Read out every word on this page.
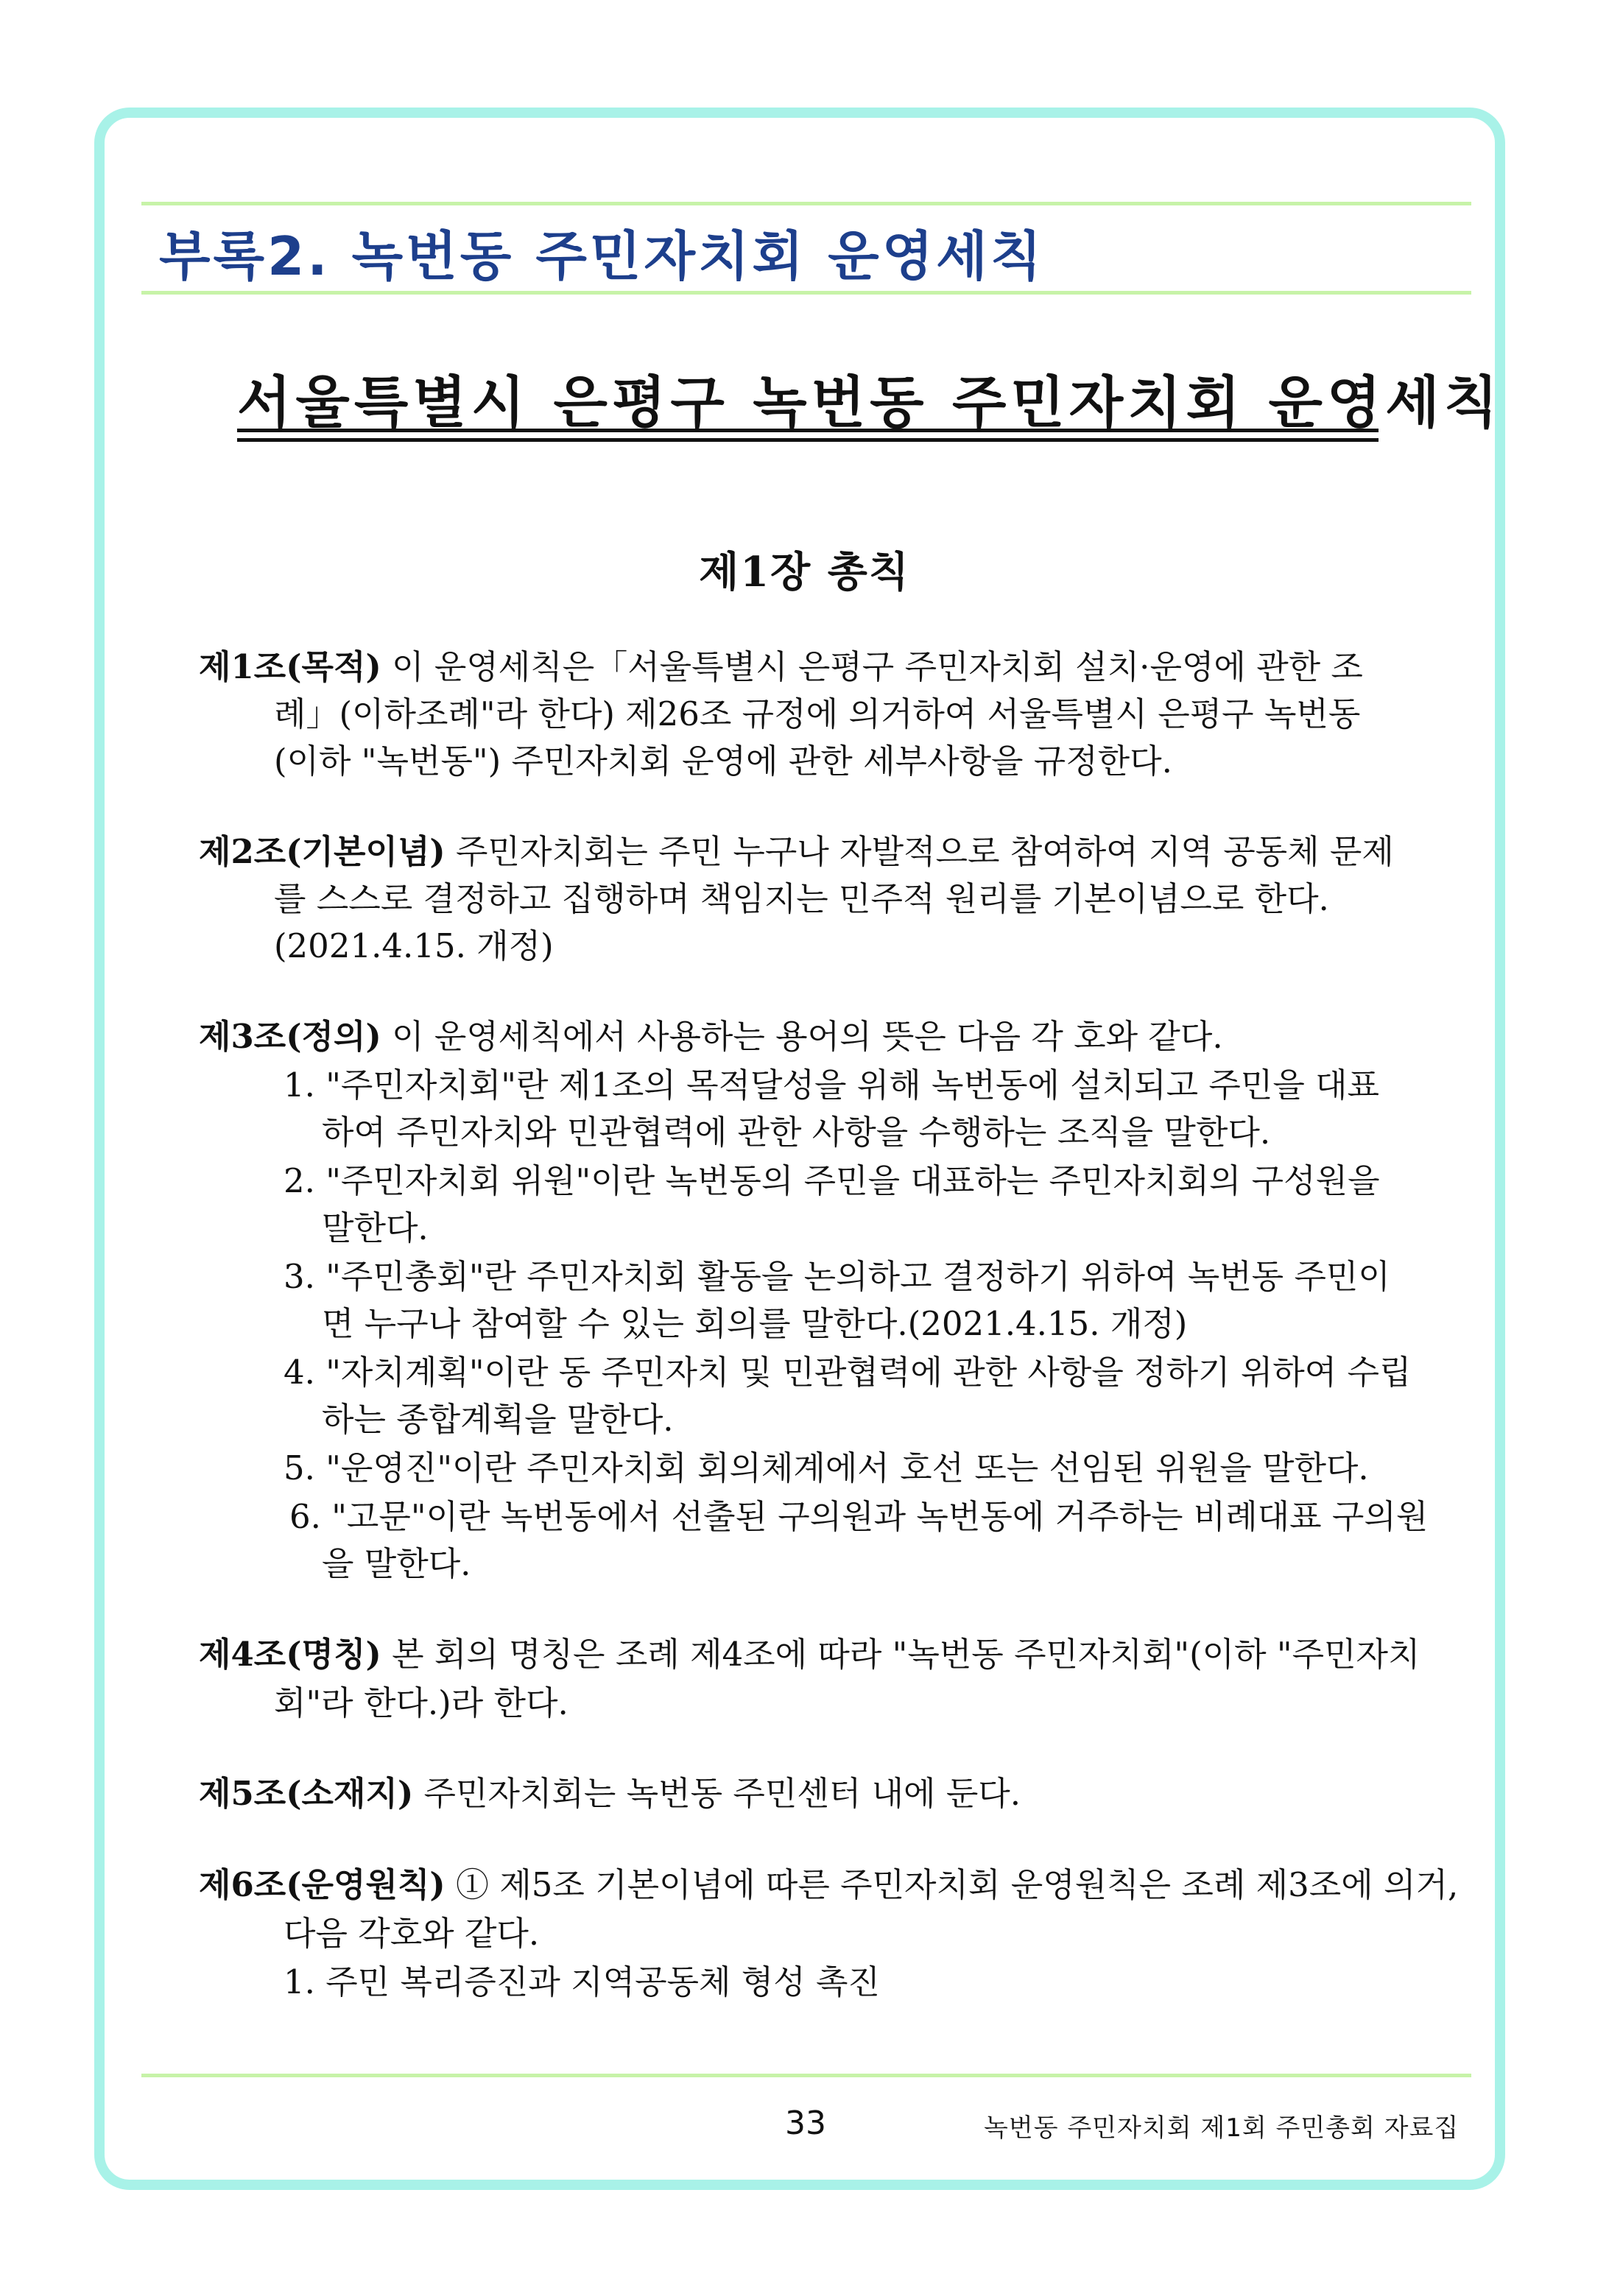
부록2. 녹번동 주민자치회 운영세칙
서울특별시 은평구 녹번동 주민자치회 운영세칙
제1장 총칙
제1조(목적) 이 운영세칙은「서울특별시 은평구 주민자치회 설치·운영에 관한 조
례」(이하조례"라 한다) 제26조 규정에 의거하여 서울특별시 은평구 녹번동
(이하 "녹번동") 주민자치회 운영에 관한 세부사항을 규정한다.
제2조(기본이념) 주민자치회는 주민 누구나 자발적으로 참여하여 지역 공동체 문제
를 스스로 결정하고 집행하며 책임지는 민주적 원리를 기본이념으로 한다.
(2021.4.15. 개정)
제3조(정의) 이 운영세칙에서 사용하는 용어의 뜻은 다음 각 호와 같다.
1. "주민자치회"란 제1조의 목적달성을 위해 녹번동에 설치되고 주민을 대표
하여 주민자치와 민관협력에 관한 사항을 수행하는 조직을 말한다.
2. "주민자치회 위원"이란 녹번동의 주민을 대표하는 주민자치회의 구성원을
말한다.
3. "주민총회"란 주민자치회 활동을 논의하고 결정하기 위하여 녹번동 주민이
면 누구나 참여할 수 있는 회의를 말한다.(2021.4.15. 개정)
4. "자치계획"이란 동 주민자치 및 민관협력에 관한 사항을 정하기 위하여 수립
하는 종합계획을 말한다.
5. "운영진"이란 주민자치회 회의체계에서 호선 또는 선임된 위원을 말한다.
6. "고문"이란 녹번동에서 선출된 구의원과 녹번동에 거주하는 비례대표 구의원
을 말한다.
제4조(명칭) 본 회의 명칭은 조례 제4조에 따라 "녹번동 주민자치회"(이하 "주민자치
회"라 한다.)라 한다.
제5조(소재지) 주민자치회는 녹번동 주민센터 내에 둔다.
제6조(운영원칙) ① 제5조 기본이념에 따른 주민자치회 운영원칙은 조례 제3조에 의거,
다음 각호와 같다.
1. 주민 복리증진과 지역공동체 형성 촉진
33	녹번동 주민자치회 제1회 주민총회 자료집
